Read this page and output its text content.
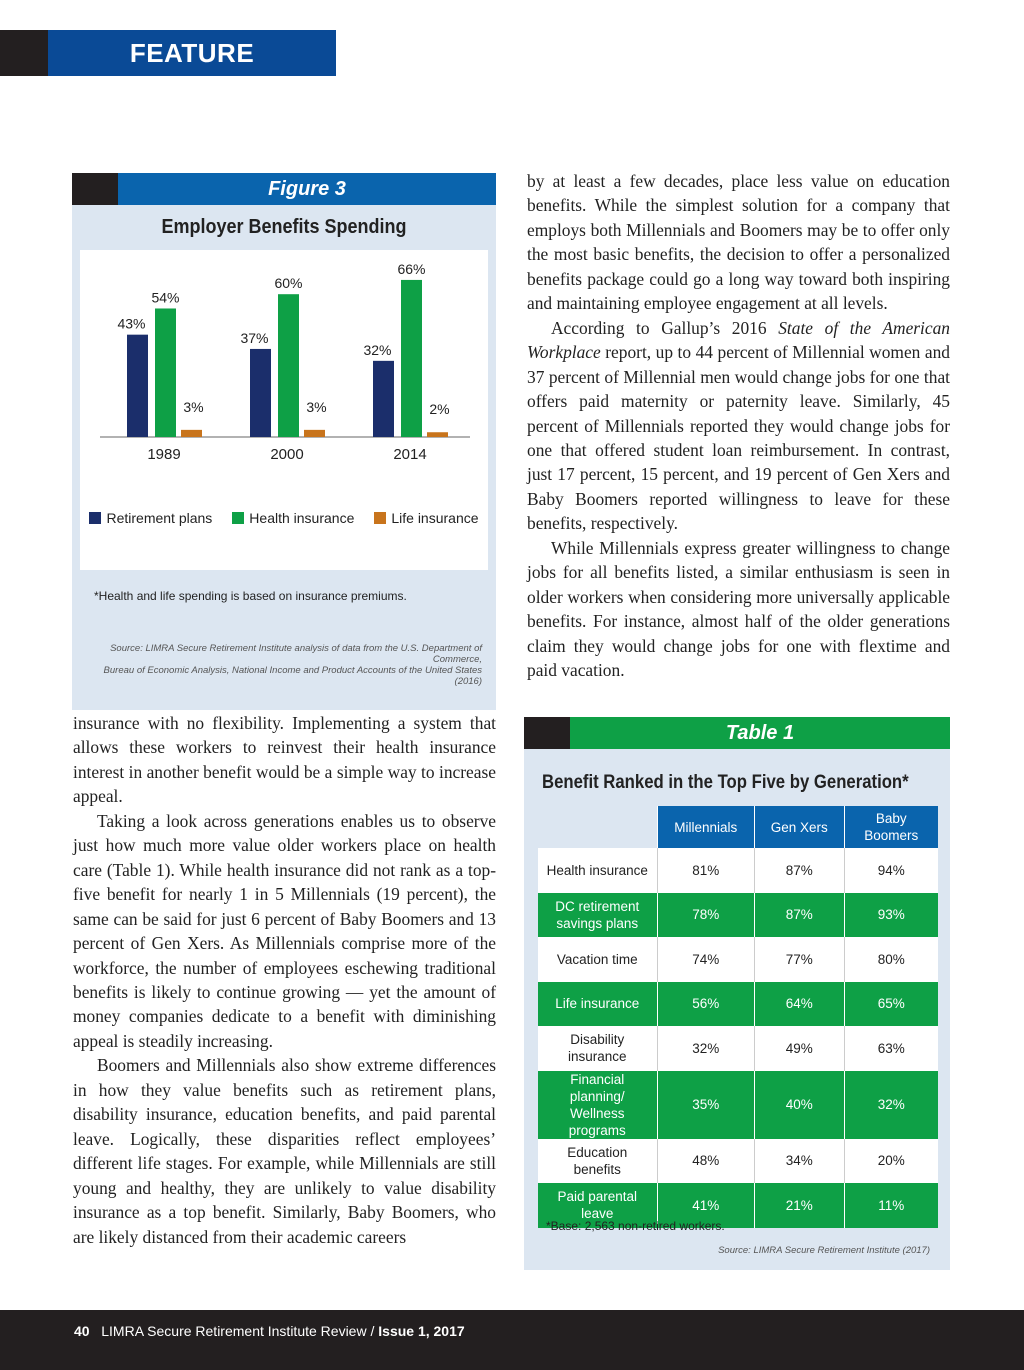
FEATURE
Figure 3
Employer Benefits Spending
43%
54%
3%
1989
37%
60%
3%
2000
32%
66%
2%
2014
Retirement plans	Health insurance	Life insurance
*Health and life spending is based on insurance premiums.
Source: LIMRA Secure Retirement Institute analysis of data from the U.S. Department of Commerce,
Bureau of Economic Analysis, National Income and Product Accounts of the United States (2016)

insurance with no flexibility. Implementing a system that allows these workers to reinvest their health insurance interest in another benefit would be a simple way to increase appeal.

Taking a look across generations enables us to observe just how much more value older workers place on health care (Table 1). While health insurance did not rank as a top-five benefit for nearly 1 in 5 Millennials (19 percent), the same can be said for just 6 percent of Baby Boomers and 13 percent of Gen Xers. As Millennials comprise more of the workforce, the number of employees eschewing traditional benefits is likely to continue growing — yet the amount of money companies dedicate to a benefit with diminishing appeal is steadily increasing.

Boomers and Millennials also show extreme differences in how they value benefits such as retirement plans, disability insurance, education benefits, and paid parental leave. Logically, these disparities reflect employees’ different life stages. For example, while Millennials are still young and healthy, they are unlikely to value disability insurance as a top benefit. Similarly, Baby Boomers, who are likely distanced from their academic careers

by at least a few decades, place less value on education benefits. While the simplest solution for a company that employs both Millennials and Boomers may be to offer only the most basic benefits, the decision to offer a personalized benefits package could go a long way toward both inspiring and maintaining employee engagement at all levels.

According to Gallup’s 2016 State of the American Workplace report, up to 44 percent of Millennial women and 37 percent of Millennial men would change jobs for one that offers paid maternity or paternity leave. Similarly, 45 percent of Millennials reported they would change jobs for one that offered student loan reimbursement. In contrast, just 17 percent, 15 percent, and 19 percent of Gen Xers and Baby Boomers reported willingness to leave for these benefits, respectively.

While Millennials express greater willingness to change jobs for all benefits listed, a similar enthusiasm is seen in older workers when considering more universally applicable benefits. For instance, almost half of the older generations claim they would change jobs for one with flextime and paid vacation.

Table 1
Benefit Ranked in the Top Five by Generation*
	Millennials	Gen Xers	Baby Boomers
Health insurance	81%	87%	94%
DC retirement savings plans	78%	87%	93%
Vacation time	74%	77%	80%
Life insurance	56%	64%	65%
Disability insurance	32%	49%	63%
Financial planning/ Wellness programs	35%	40%	32%
Education benefits	48%	34%	20%
Paid parental leave	41%	21%	11%
*Base: 2,563 non-retired workers.
Source: LIMRA Secure Retirement Institute (2017)
40 LIMRA Secure Retirement Institute Review / Issue 1, 2017
